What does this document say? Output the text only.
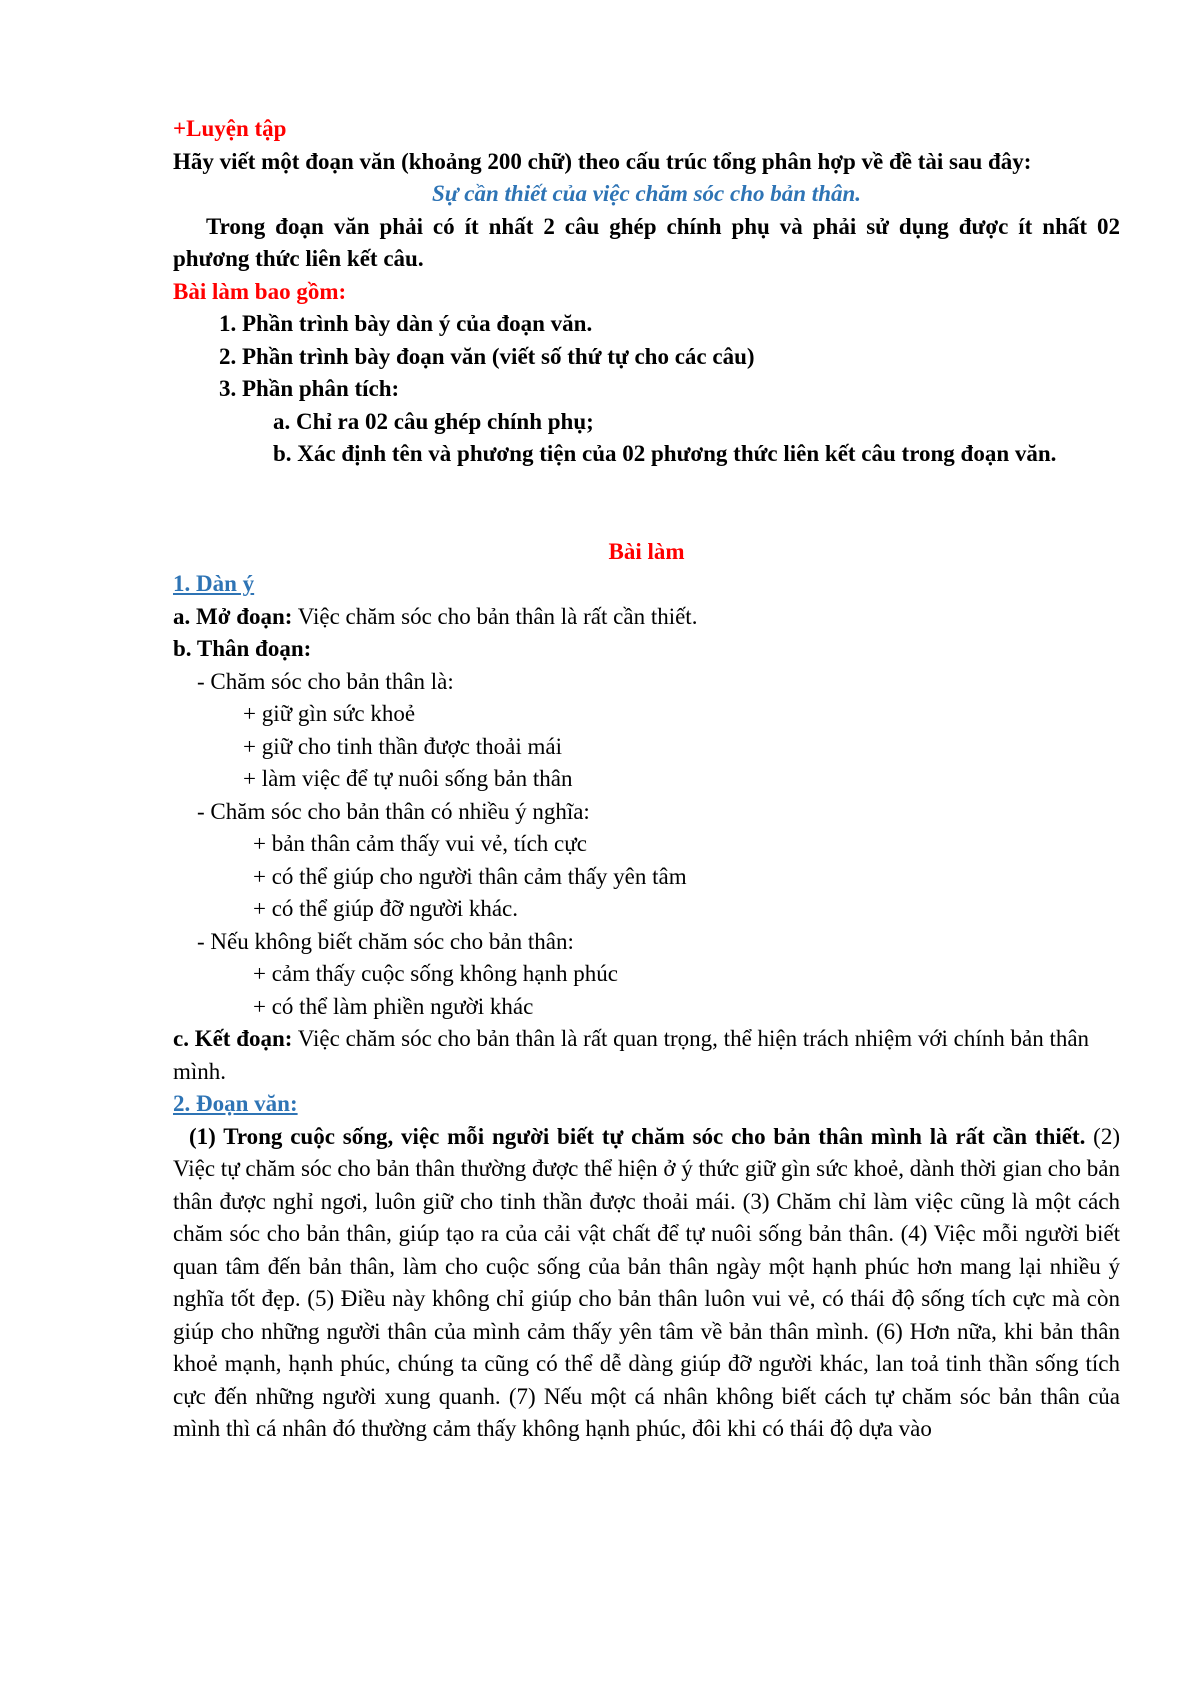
+Luyện tập
Hãy viết một đoạn văn (khoảng 200 chữ) theo cấu trúc tổng phân hợp về đề tài sau đây:
Sự cần thiết của việc chăm sóc cho bản thân.
Trong đoạn văn phải có ít nhất 2 câu ghép chính phụ và phải sử dụng được ít nhất 02 phương thức liên kết câu.
Bài làm bao gồm:
1. Phần trình bày dàn ý của đoạn văn.
2. Phần trình bày đoạn văn (viết số thứ tự cho các câu)
3. Phần phân tích:
a. Chỉ ra 02 câu ghép chính phụ;
b. Xác định tên và phương tiện của 02 phương thức liên kết câu trong đoạn văn.
Bài làm
1. Dàn ý
a. Mở đoạn: Việc chăm sóc cho bản thân là rất cần thiết.
b. Thân đoạn:
- Chăm sóc cho bản thân là:
+ giữ gìn sức khoẻ
+ giữ cho tinh thần được thoải mái
+ làm việc để tự nuôi sống bản thân
- Chăm sóc cho bản thân có nhiều ý nghĩa:
+ bản thân cảm thấy vui vẻ, tích cực
+ có thể giúp cho người thân cảm thấy yên tâm
+ có thể giúp đỡ người khác.
- Nếu không biết chăm sóc cho bản thân:
+ cảm thấy cuộc sống không hạnh phúc
+ có thể làm phiền người khác
c. Kết đoạn: Việc chăm sóc cho bản thân là rất quan trọng, thể hiện trách nhiệm với chính bản thân mình.
2. Đoạn văn:
(1) Trong cuộc sống, việc mỗi người biết tự chăm sóc cho bản thân mình là rất cần thiết. (2) Việc tự chăm sóc cho bản thân thường được thể hiện ở ý thức giữ gìn sức khoẻ, dành thời gian cho bản thân được nghỉ ngơi, luôn giữ cho tinh thần được thoải mái. (3) Chăm chỉ làm việc cũng là một cách chăm sóc cho bản thân, giúp tạo ra của cải vật chất để tự nuôi sống bản thân. (4) Việc mỗi người biết quan tâm đến bản thân, làm cho cuộc sống của bản thân ngày một hạnh phúc hơn mang lại nhiều ý nghĩa tốt đẹp. (5) Điều này không chỉ giúp cho bản thân luôn vui vẻ, có thái độ sống tích cực mà còn giúp cho những người thân của mình cảm thấy yên tâm về bản thân mình. (6) Hơn nữa, khi bản thân khoẻ mạnh, hạnh phúc, chúng ta cũng có thể dễ dàng giúp đỡ người khác, lan toả tinh thần sống tích cực đến những người xung quanh. (7) Nếu một cá nhân không biết cách tự chăm sóc bản thân của mình thì cá nhân đó thường cảm thấy không hạnh phúc, đôi khi có thái độ dựa vào
